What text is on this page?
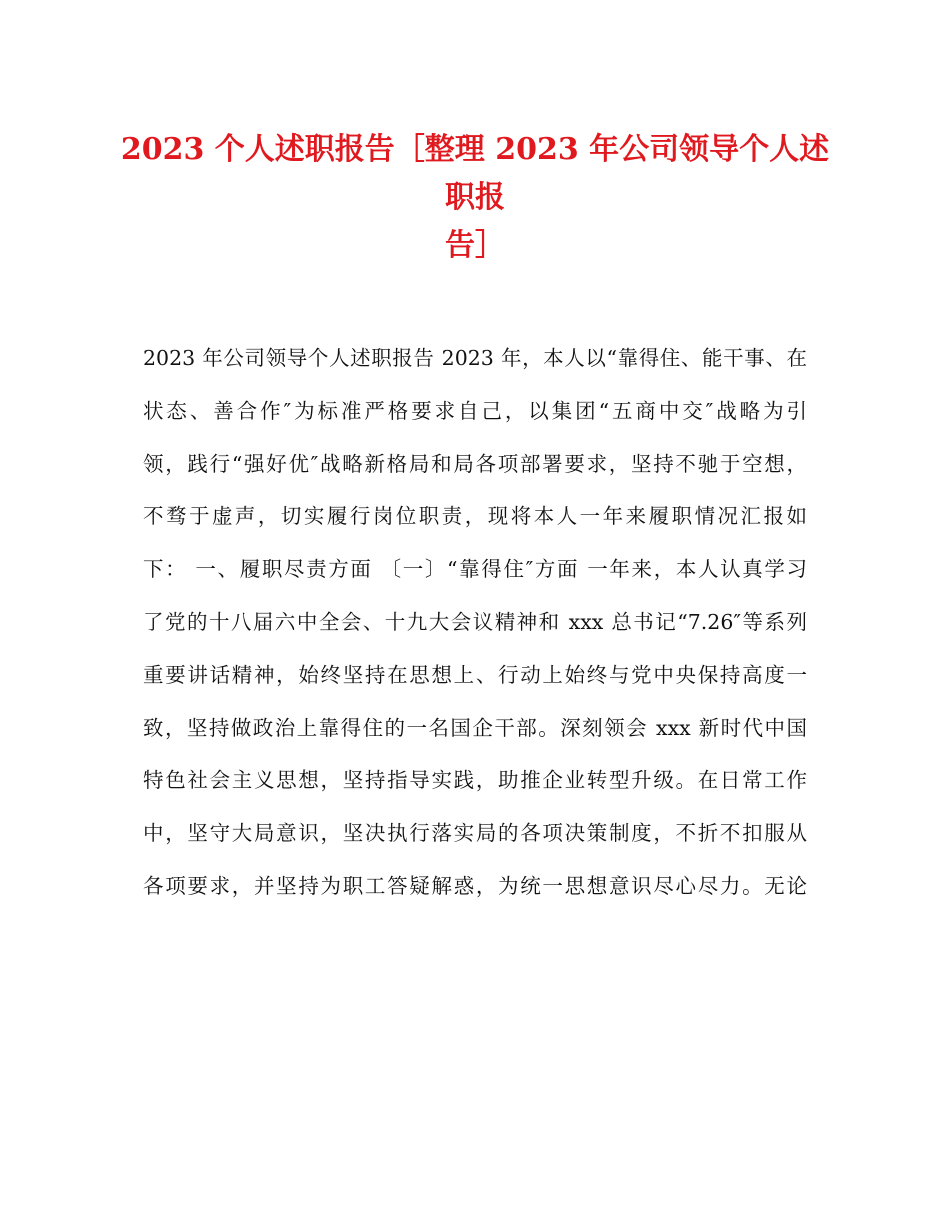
2023 个人述职报告［整理 2023 年公司领导个人述职报
告］
2023 年公司领导个人述职报告 2023 年，本人以“靠得住、能干事、在
状态、善合作″为标准严格要求自己，以集团“五商中交″战略为引
领，践行“强好优″战略新格局和局各项部署要求，坚持不驰于空想，
不骛于虚声，切实履行岗位职责，现将本人一年来履职情况汇报如
下： 一、履职尽责方面 〔一〕“靠得住″方面 一年来，本人认真学习
了党的十八届六中全会、十九大会议精神和 xxx 总书记“7.26″等系列
重要讲话精神，始终坚持在思想上、行动上始终与党中央保持高度一
致，坚持做政治上靠得住的一名国企干部。深刻领会 xxx 新时代中国
特色社会主义思想，坚持指导实践，助推企业转型升级。在日常工作
中，坚守大局意识，坚决执行落实局的各项决策制度，不折不扣服从
各项要求，并坚持为职工答疑解惑，为统一思想意识尽心尽力。无论
